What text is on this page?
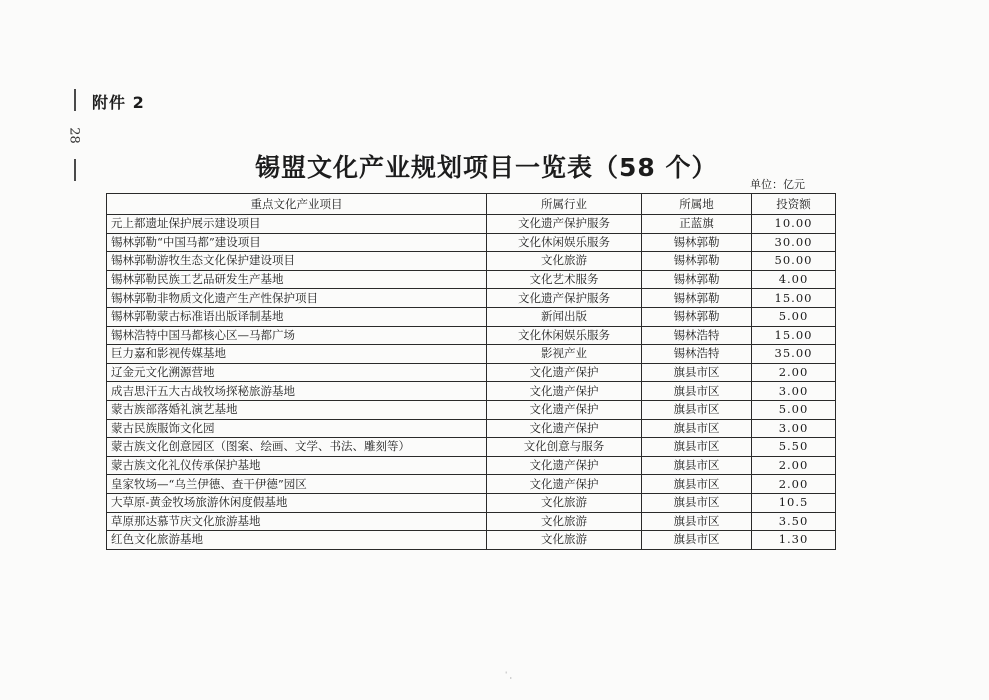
28
附件 2
锡盟文化产业规划项目一览表（58 个）
单位：亿元
重点文化产业项目	所属行业	所属地	投资额
元上都遗址保护展示建设项目	文化遗产保护服务	正蓝旗	10.00
锡林郭勒“中国马都”建设项目	文化休闲娱乐服务	锡林郭勒	30.00
锡林郭勒游牧生态文化保护建设项目	文化旅游	锡林郭勒	50.00
锡林郭勒民族工艺品研发生产基地	文化艺术服务	锡林郭勒	4.00
锡林郭勒非物质文化遗产生产性保护项目	文化遗产保护服务	锡林郭勒	15.00
锡林郭勒蒙古标准语出版译制基地	新闻出版	锡林郭勒	5.00
锡林浩特中国马都核心区—马都广场	文化休闲娱乐服务	锡林浩特	15.00
巨力嘉和影视传媒基地	影视产业	锡林浩特	35.00
辽金元文化溯源营地	文化遗产保护	旗县市区	2.00
成吉思汗五大古战牧场探秘旅游基地	文化遗产保护	旗县市区	3.00
蒙古族部落婚礼演艺基地	文化遗产保护	旗县市区	5.00
蒙古民族服饰文化园	文化遗产保护	旗县市区	3.00
蒙古族文化创意园区（图案、绘画、文学、书法、雕刻等）	文化创意与服务	旗县市区	5.50
蒙古族文化礼仪传承保护基地	文化遗产保护	旗县市区	2.00
皇家牧场—“乌兰伊德、查干伊德”园区	文化遗产保护	旗县市区	2.00
大草原-黄金牧场旅游休闲度假基地	文化旅游	旗县市区	10.5
草原那达慕节庆文化旅游基地	文化旅游	旗县市区	3.50
红色文化旅游基地	文化旅游	旗县市区	1.30
ˈ ˌ
